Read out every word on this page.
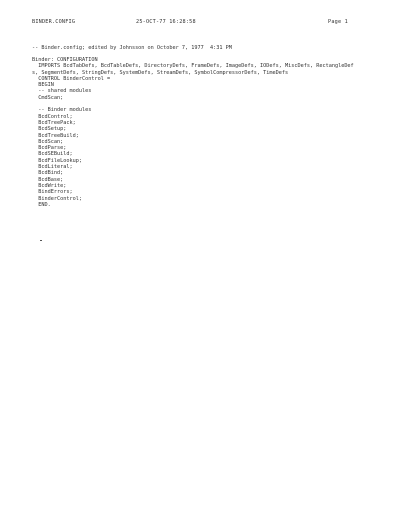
BINDER.CONFIG	25-OCT-77 16:28:58	Page 1
-- Binder.config; edited by Johnsson on October 7, 1977  4:31 PM
Binder: CONFIGURATION
IMPORTS BcdTabDefs, BcdTableDefs, DirectoryDefs, FrameDefs, ImageDefs, IODefs, MiscDefs, RectangleDef
s, SegmentDefs, StringDefs, SystemDefs, StreamDefs, SymbolCompressorDefs, TimeDefs
CONTROL BinderControl =
BEGIN
-- shared modules
CmdScan;
-- Binder modules
BcdControl;
BcdTreePack;
BcdSetup;
BcdTreeBuild;
BcdScan;
BcdParse;
BcdSEBuild;
BcdFileLookup;
BcdLiteral;
BcdBind;
BcdBase;
BcdWrite;
BindErrors;
BinderControl;
END.
